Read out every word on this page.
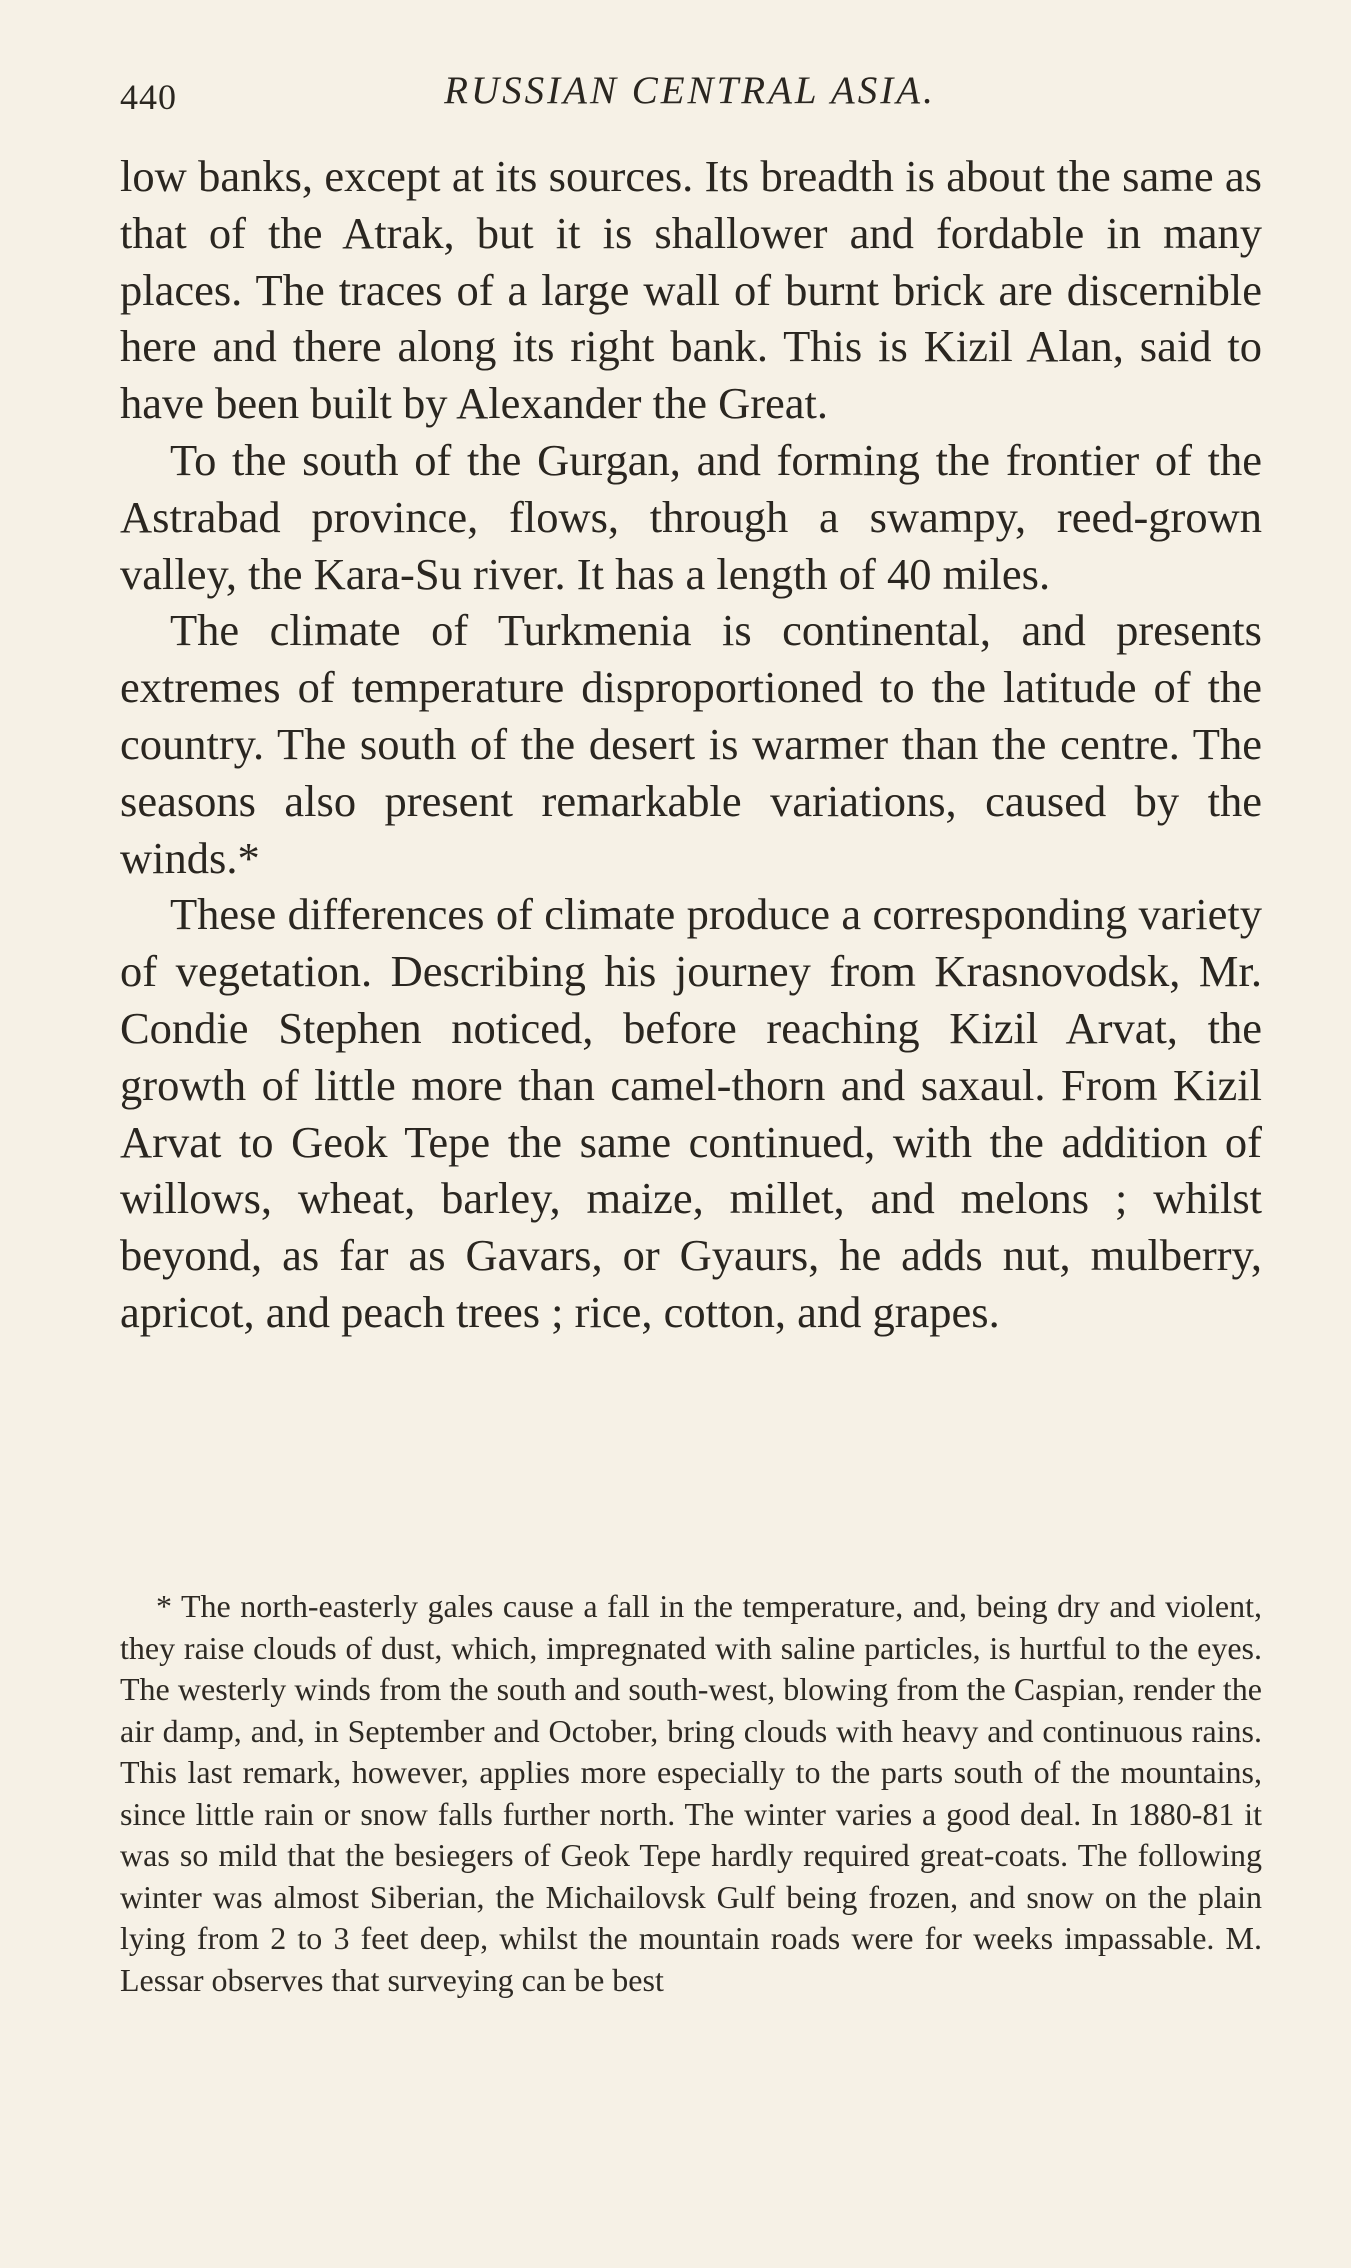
440	RUSSIAN CENTRAL ASIA.

low banks, except at its sources. Its breadth is about the same as that of the Atrak, but it is shallower and fordable in many places. The traces of a large wall of burnt brick are discernible here and there along its right bank. This is Kizil Alan, said to have been built by Alexander the Great.

To the south of the Gurgan, and forming the frontier of the Astrabad province, flows, through a swampy, reed-grown valley, the Kara-Su river. It has a length of 40 miles.

The climate of Turkmenia is continental, and presents extremes of temperature disproportioned to the latitude of the country. The south of the desert is warmer than the centre. The seasons also present remarkable variations, caused by the winds.*

These differences of climate produce a corresponding variety of vegetation. Describing his journey from Krasnovodsk, Mr. Condie Stephen noticed, before reaching Kizil Arvat, the growth of little more than camel-thorn and saxaul. From Kizil Arvat to Geok Tepe the same continued, with the addition of willows, wheat, barley, maize, millet, and melons ; whilst beyond, as far as Gavars, or Gyaurs, he adds nut, mulberry, apricot, and peach trees ; rice, cotton, and grapes.

* The north-easterly gales cause a fall in the temperature, and, being dry and violent, they raise clouds of dust, which, impregnated with saline particles, is hurtful to the eyes. The westerly winds from the south and south-west, blowing from the Caspian, render the air damp, and, in September and October, bring clouds with heavy and continuous rains. This last remark, however, applies more especially to the parts south of the mountains, since little rain or snow falls further north. The winter varies a good deal. In 1880-81 it was so mild that the besiegers of Geok Tepe hardly required great-coats. The following winter was almost Siberian, the Michailovsk Gulf being frozen, and snow on the plain lying from 2 to 3 feet deep, whilst the mountain roads were for weeks impassable. M. Lessar observes that surveying can be best
